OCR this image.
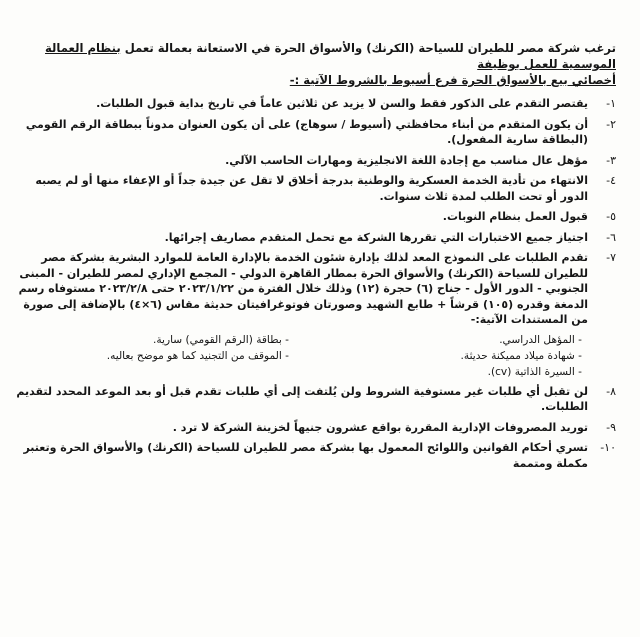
ترغب شركة مصر للطيران للسياحة (الكرنك) والأسواق الحرة في الاستعانة بعمالة تعمل بنظام العمالة الموسمية للعمل بوظيفة
أخصائي بيع بالأسواق الحرة فرع أسيوط بالشروط الآتية :-
-١
يقتصر التقدم على الذكور فقط والسن لا يزيد عن ثلاثين عاماً في تاريخ بداية قبول الطلبات.
-٢
أن يكون المتقدم من أبناء محافظتي (أسيوط / سوهاج) على أن يكون العنوان مدوناً ببطاقة الرقم القومي (البطاقة سارية المفعول).
-٣
مؤهل عال مناسب مع إجادة اللغة الانجليزية ومهارات الحاسب الآلي.
-٤
الانتهاء من تأدية الخدمة العسكرية والوطنية بدرجة أخلاق لا تقل عن جيدة جداً أو الإعفاء منها أو لم يصبه الدور أو تحت الطلب لمدة ثلاث سنوات.
-٥
قبول العمل بنظام النوبات.
-٦
اجتياز جميع الاختبارات التي تقررها الشركة مع تحمل المتقدم مصاريف إجرائها.
-٧
تقدم الطلبات على النموذج المعد لذلك بإدارة شئون الخدمة بالإدارة العامة للموارد البشرية بشركة مصر للطيران للسياحة (الكرنك) والأسواق الحرة بمطار القاهرة الدولي - المجمع الإداري لمصر للطيران - المبنى الجنوبي - الدور الأول - جناح (٦) حجرة (١٢) وذلك خلال الفترة من ٢٠٢٣/١/٢٢ حتى ٢٠٢٣/٢/٨ مستوفاه رسم الدمغة وقدره (١٠٥) قرشاً + طابع الشهيد وصورتان فوتوغرافيتان حديثة مقاس (٦×٤) بالإضافة إلى صورة من المستندات الآتية:-
- المؤهل الدراسي.
- بطاقة (الرقم القومي) سارية.
- شهادة ميلاد مميكنة حديثة.
- الموقف من التجنيد كما هو موضح بعاليه.
- السيرة الذاتية (cv).
-٨
لن تقبل أي طلبات غير مستوفية الشروط ولن يُلتفت إلى أي طلبات تقدم قبل أو بعد الموعد المحدد لتقديم الطلبات.
-٩
توريد المصروفات الإدارية المقررة بواقع عشرون جنيهاً لخزينة الشركة لا ترد .
-١٠
تسري أحكام القوانين واللوائح المعمول بها بشركة مصر للطيران للسياحة (الكرنك) والأسواق الحرة وتعتبر مكملة ومتممة
